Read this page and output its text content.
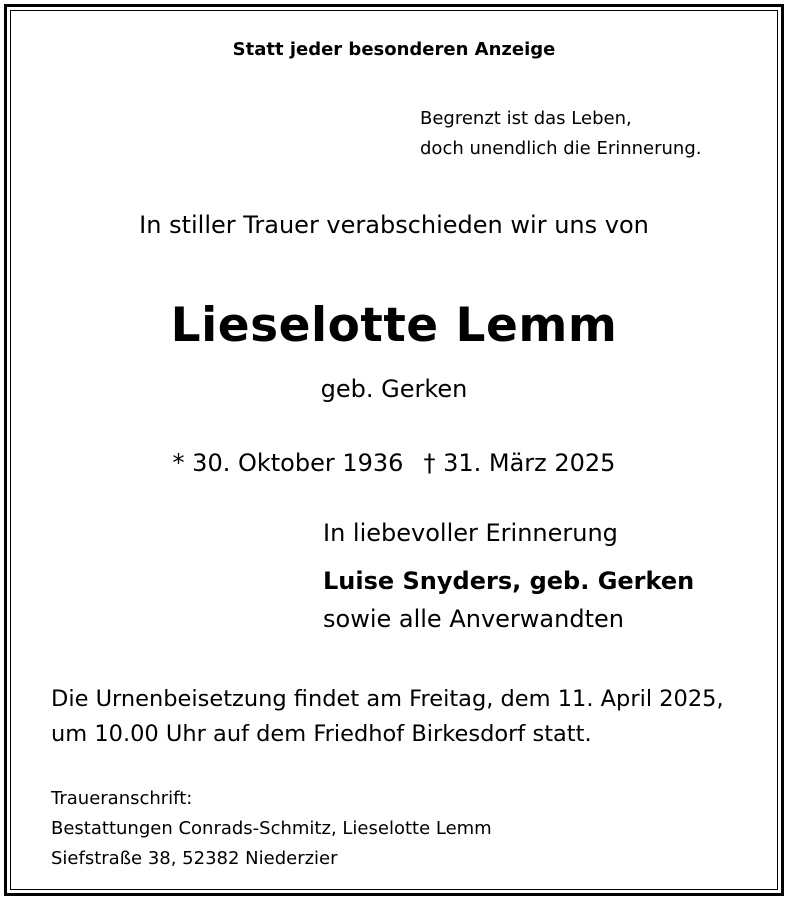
Statt jeder besonderen Anzeige
Begrenzt ist das Leben,
doch unendlich die Erinnerung.
In stiller Trauer verabschieden wir uns von
Lieselotte Lemm
geb. Gerken
* 30. Oktober 1936 † 31. März 2025
In liebevoller Erinnerung
Luise Snyders, geb. Gerken
sowie alle Anverwandten
Die Urnenbeisetzung findet am Freitag, dem 11. April 2025,
um 10.00 Uhr auf dem Friedhof Birkesdorf statt.
Traueranschrift:
Bestattungen Conrads-Schmitz, Lieselotte Lemm
Siefstraße 38, 52382 Niederzier
